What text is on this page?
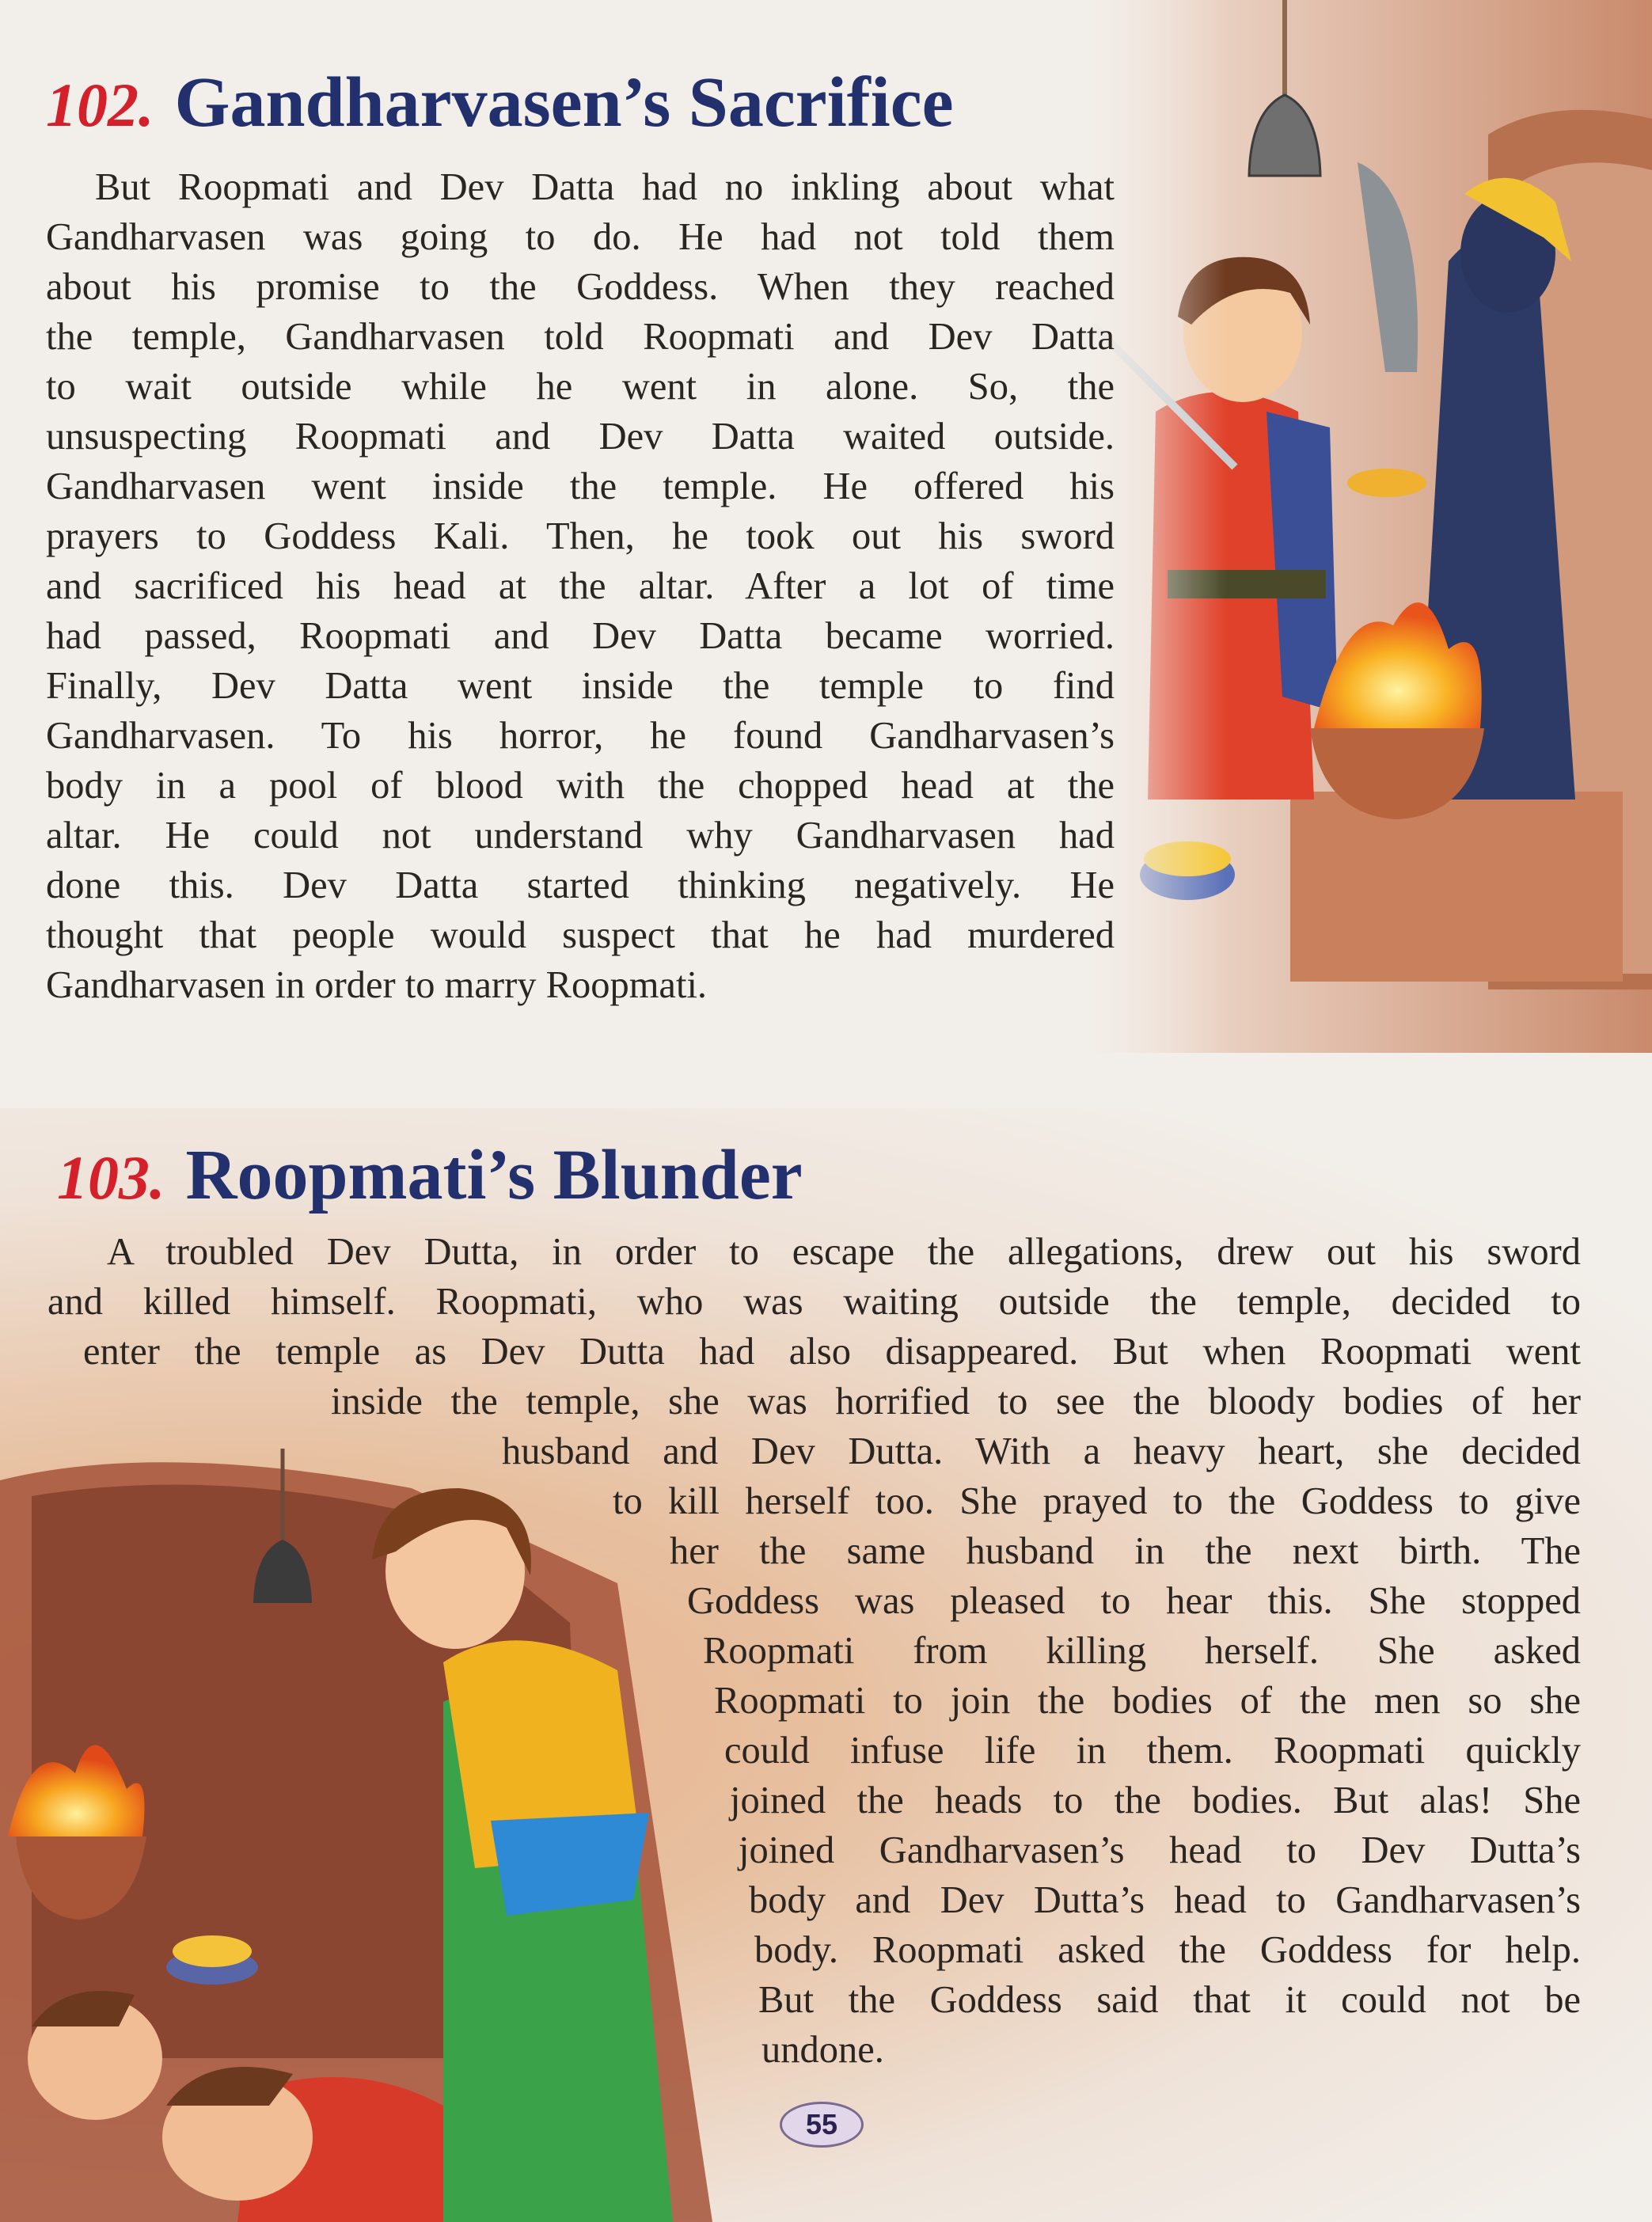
102. Gandharvasen’s Sacrifice
But Roopmati and Dev Datta had no inkling about what
Gandharvasen was going to do. He had not told them
about his promise to the Goddess. When they reached
the temple, Gandharvasen told Roopmati and Dev Datta
to wait outside while he went in alone. So, the
unsuspecting Roopmati and Dev Datta waited outside.
Gandharvasen went inside the temple. He offered his
prayers to Goddess Kali. Then, he took out his sword
and sacrificed his head at the altar. After a lot of time
had passed, Roopmati and Dev Datta became worried.
Finally, Dev Datta went inside the temple to find
Gandharvasen. To his horror, he found Gandharvasen’s
body in a pool of blood with the chopped head at the
altar. He could not understand why Gandharvasen had
done this. Dev Datta started thinking negatively. He
thought that people would suspect that he had murdered
Gandharvasen in order to marry Roopmati.
103. Roopmati’s Blunder
A troubled Dev Dutta, in order to escape the allegations, drew out his sword
and killed himself. Roopmati, who was waiting outside the temple, decided to
enter the temple as Dev Dutta had also disappeared. But when Roopmati went
inside the temple, she was horrified to see the bloody bodies of her
husband and Dev Dutta. With a heavy heart, she decided
to kill herself too. She prayed to the Goddess to give
her the same husband in the next birth. The
Goddess was pleased to hear this. She stopped
Roopmati from killing herself. She asked
Roopmati to join the bodies of the men so she
could infuse life in them. Roopmati quickly
joined the heads to the bodies. But alas! She
joined Gandharvasen’s head to Dev Dutta’s
body and Dev Dutta’s head to Gandharvasen’s
body. Roopmati asked the Goddess for help.
But the Goddess said that it could not be
undone.
55
